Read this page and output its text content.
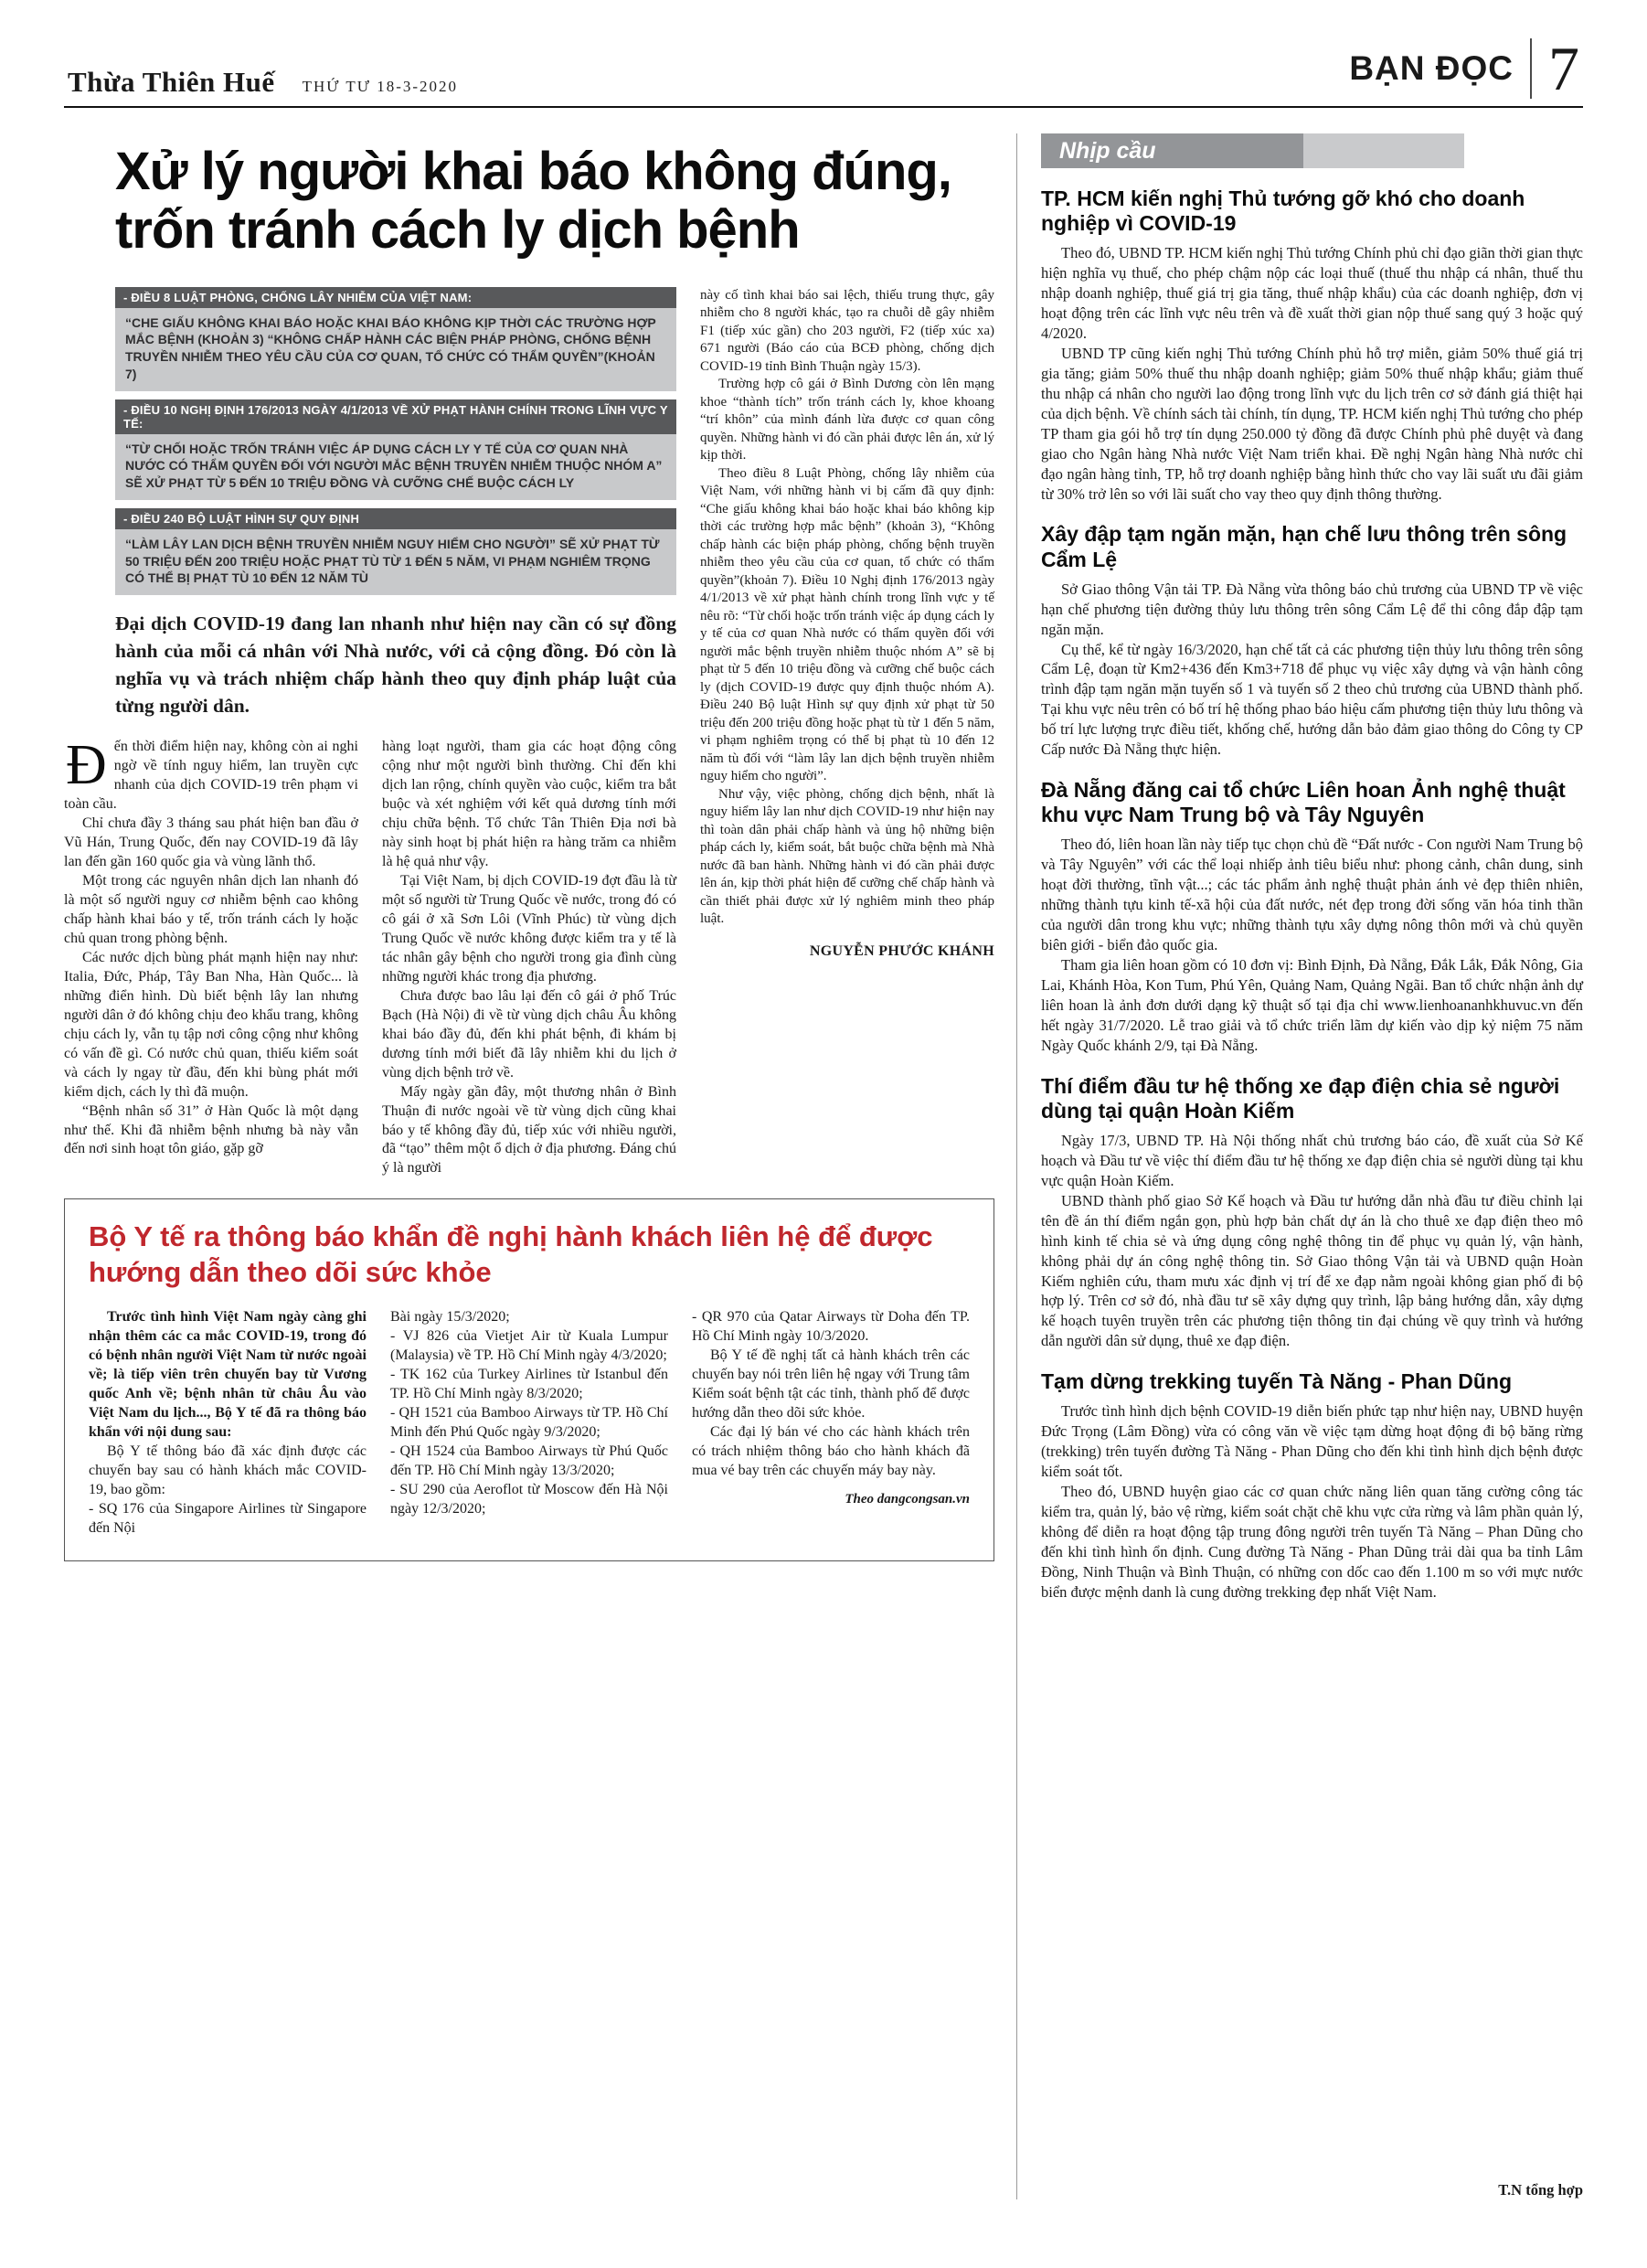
Thừa Thiên Huế THỨ TƯ 18-3-2020	BẠN ĐỌC 7
Xử lý người khai báo không đúng, trốn tránh cách ly dịch bệnh
- ĐIỀU 8 LUẬT PHÒNG, CHỐNG LÂY NHIỄM CỦA VIỆT NAM:
“CHE GIẤU KHÔNG KHAI BÁO HOẶC KHAI BÁO KHÔNG KỊP THỜI CÁC TRƯỜNG HỢP MẮC BỆNH (KHOẢN 3) “KHÔNG CHẤP HÀNH CÁC BIỆN PHÁP PHÒNG, CHỐNG BỆNH TRUYỀN NHIỄM THEO YÊU CẦU CỦA CƠ QUAN, TỔ CHỨC CÓ THẨM QUYỀN”(KHOẢN 7)
- ĐIỀU 10 NGHỊ ĐỊNH 176/2013 NGÀY 4/1/2013 VỀ XỬ PHẠT HÀNH CHÍNH TRONG LĨNH VỰC Y TẾ:
“TỪ CHỐI HOẶC TRỐN TRÁNH VIỆC ÁP DỤNG CÁCH LY Y TẾ CỦA CƠ QUAN NHÀ NƯỚC CÓ THẨM QUYỀN ĐỐI VỚI NGƯỜI MẮC BỆNH TRUYỀN NHIỄM THUỘC NHÓM A” SẼ XỬ PHẠT TỪ 5 ĐẾN 10 TRIỆU ĐỒNG VÀ CƯỠNG CHẾ BUỘC CÁCH LY
- ĐIỀU 240 BỘ LUẬT HÌNH SỰ QUY ĐỊNH
“LÀM LÂY LAN DỊCH BỆNH TRUYỀN NHIỄM NGUY HIỂM CHO NGƯỜI” SẼ XỬ PHẠT TỪ 50 TRIỆU ĐẾN 200 TRIỆU HOẶC PHẠT TÙ TỪ 1 ĐẾN 5 NĂM, VI PHẠM NGHIÊM TRỌNG CÓ THỂ BỊ PHẠT TÙ 10 ĐẾN 12 NĂM TÙ

Đại dịch COVID-19 đang lan nhanh như hiện nay cần có sự đồng hành của mỗi cá nhân với Nhà nước, với cả cộng đồng. Đó còn là nghĩa vụ và trách nhiệm chấp hành theo quy định pháp luật của từng người dân.

Đến thời điểm hiện nay, không còn ai nghi ngờ về tính nguy hiểm, lan truyền cực nhanh của dịch COVID-19 trên phạm vi toàn cầu.

Chỉ chưa đầy 3 tháng sau phát hiện ban đầu ở Vũ Hán, Trung Quốc, đến nay COVID-19 đã lây lan đến gần 160 quốc gia và vùng lãnh thổ.

Một trong các nguyên nhân dịch lan nhanh đó là một số người nguy cơ nhiễm bệnh cao không chấp hành khai báo y tế, trốn tránh cách ly hoặc chủ quan trong phòng bệnh.

Các nước dịch bùng phát mạnh hiện nay như: Italia, Đức, Pháp, Tây Ban Nha, Hàn Quốc... là những điển hình. Dù biết bệnh lây lan nhưng người dân ở đó không chịu đeo khẩu trang, không chịu cách ly, vẫn tụ tập nơi công cộng như không có vấn đề gì. Có nước chủ quan, thiếu kiểm soát và cách ly ngay từ đầu, đến khi bùng phát mới kiểm dịch, cách ly thì đã muộn.

“Bệnh nhân số 31” ở Hàn Quốc là một dạng như thế. Khi đã nhiễm bệnh nhưng bà này vẫn đến nơi sinh hoạt tôn giáo, gặp gỡ

hàng loạt người, tham gia các hoạt động công cộng như một người bình thường. Chỉ đến khi dịch lan rộng, chính quyền vào cuộc, kiểm tra bắt buộc và xét nghiệm với kết quả dương tính mới chịu chữa bệnh. Tổ chức Tân Thiên Địa nơi bà này sinh hoạt bị phát hiện ra hàng trăm ca nhiễm là hệ quả như vậy.

Tại Việt Nam, bị dịch COVID-19 đợt đầu là từ một số người từ Trung Quốc về nước, trong đó có cô gái ở xã Sơn Lôi (Vĩnh Phúc) từ vùng dịch Trung Quốc về nước không được kiểm tra y tế là tác nhân gây bệnh cho người trong gia đình cùng những người khác trong địa phương.

Chưa được bao lâu lại đến cô gái ở phố Trúc Bạch (Hà Nội) đi về từ vùng dịch châu Âu không khai báo đầy đủ, đến khi phát bệnh, đi khám bị dương tính mới biết đã lây nhiễm khi du lịch ở vùng dịch bệnh trở về.

Mấy ngày gần đây, một thương nhân ở Bình Thuận đi nước ngoài về từ vùng dịch cũng khai báo y tế không đầy đủ, tiếp xúc với nhiều người, đã “tạo” thêm một ổ dịch ở địa phương. Đáng chú ý là người

này cố tình khai báo sai lệch, thiếu trung thực, gây nhiễm cho 8 người khác, tạo ra chuỗi dễ gây nhiễm F1 (tiếp xúc gần) cho 203 người, F2 (tiếp xúc xa) 671 người (Báo cáo của BCĐ phòng, chống dịch COVID-19 tỉnh Bình Thuận ngày 15/3).

Trường hợp cô gái ở Bình Dương còn lên mạng khoe “thành tích” trốn tránh cách ly, khoe khoang “trí khôn” của mình đánh lừa được cơ quan công quyền. Những hành vi đó cần phải được lên án, xử lý kịp thời.

Theo điều 8 Luật Phòng, chống lây nhiễm của Việt Nam, với những hành vi bị cấm đã quy định: “Che giấu không khai báo hoặc khai báo không kịp thời các trường hợp mắc bệnh” (khoản 3), “Không chấp hành các biện pháp phòng, chống bệnh truyền nhiễm theo yêu cầu của cơ quan, tổ chức có thẩm quyền”(khoản 7). Điều 10 Nghị định 176/2013 ngày 4/1/2013 về xử phạt hành chính trong lĩnh vực y tế nêu rõ: “Từ chối hoặc trốn tránh việc áp dụng cách ly y tế của cơ quan Nhà nước có thẩm quyền đối với người mắc bệnh truyền nhiễm thuộc nhóm A” sẽ bị phạt từ 5 đến 10 triệu đồng và cưỡng chế buộc cách ly (dịch COVID-19 được quy định thuộc nhóm A). Điều 240 Bộ luật Hình sự quy định xử phạt từ 50 triệu đến 200 triệu đồng hoặc phạt tù từ 1 đến 5 năm, vi phạm nghiêm trọng có thể bị phạt tù 10 đến 12 năm tù đối với “làm lây lan dịch bệnh truyền nhiễm nguy hiểm cho người”.

Như vậy, việc phòng, chống dịch bệnh, nhất là nguy hiểm lây lan như dịch COVID-19 như hiện nay thì toàn dân phải chấp hành và ủng hộ những biện pháp cách ly, kiểm soát, bắt buộc chữa bệnh mà Nhà nước đã ban hành. Những hành vi đó cần phải được lên án, kịp thời phát hiện để cưỡng chế chấp hành và cần thiết phải được xử lý nghiêm minh theo pháp luật.

NGUYỄN PHƯỚC KHÁNH
Bộ Y tế ra thông báo khẩn đề nghị hành khách liên hệ để được hướng dẫn theo dõi sức khỏe

Trước tình hình Việt Nam ngày càng ghi nhận thêm các ca mắc COVID-19, trong đó có bệnh nhân người Việt Nam từ nước ngoài về; là tiếp viên trên chuyến bay từ Vương quốc Anh về; bệnh nhân từ châu Âu vào Việt Nam du lịch..., Bộ Y tế đã ra thông báo khẩn với nội dung sau:

Bộ Y tế thông báo đã xác định được các chuyến bay sau có hành khách mắc COVID-19, bao gồm:

- SQ 176 của Singapore Airlines từ Singapore đến Nội

Bài ngày 15/3/2020;

- VJ 826 của Vietjet Air từ Kuala Lumpur (Malaysia) về TP. Hồ Chí Minh ngày 4/3/2020;

- TK 162 của Turkey Airlines từ Istanbul đến TP. Hồ Chí Minh ngày 8/3/2020;

- QH 1521 của Bamboo Airways từ TP. Hồ Chí Minh đến Phú Quốc ngày 9/3/2020;

- QH 1524 của Bamboo Airways từ Phú Quốc đến TP. Hồ Chí Minh ngày 13/3/2020;

- SU 290 của Aeroflot từ Moscow đến Hà Nội ngày 12/3/2020;

- QR 970 của Qatar Airways từ Doha đến TP. Hồ Chí Minh ngày 10/3/2020.

Bộ Y tế đề nghị tất cả hành khách trên các chuyến bay nói trên liên hệ ngay với Trung tâm Kiểm soát bệnh tật các tỉnh, thành phố để được hướng dẫn theo dõi sức khỏe.

Các đại lý bán vé cho các hành khách trên có trách nhiệm thông báo cho hành khách đã mua vé bay trên các chuyến máy bay này.

Theo dangcongsan.vn
Nhịp cầu
TP. HCM kiến nghị Thủ tướng gỡ khó cho doanh nghiệp vì COVID-19

Theo đó, UBND TP. HCM kiến nghị Thủ tướng Chính phủ chỉ đạo giãn thời gian thực hiện nghĩa vụ thuế, cho phép chậm nộp các loại thuế (thuế thu nhập cá nhân, thuế thu nhập doanh nghiệp, thuế giá trị gia tăng, thuế nhập khẩu) của các doanh nghiệp, đơn vị hoạt động trên các lĩnh vực nêu trên và đề xuất thời gian nộp thuế sang quý 3 hoặc quý 4/2020.

UBND TP cũng kiến nghị Thủ tướng Chính phủ hỗ trợ miễn, giảm 50% thuế giá trị gia tăng; giảm 50% thuế thu nhập doanh nghiệp; giảm 50% thuế nhập khẩu; giảm thuế thu nhập cá nhân cho người lao động trong lĩnh vực du lịch trên cơ sở đánh giá thiệt hại của dịch bệnh. Về chính sách tài chính, tín dụng, TP. HCM kiến nghị Thủ tướng cho phép TP tham gia gói hỗ trợ tín dụng 250.000 tỷ đồng đã được Chính phủ phê duyệt và đang giao cho Ngân hàng Nhà nước Việt Nam triển khai. Đề nghị Ngân hàng Nhà nước chỉ đạo ngân hàng tỉnh, TP, hỗ trợ doanh nghiệp bằng hình thức cho vay lãi suất ưu đãi giảm từ 30% trở lên so với lãi suất cho vay theo quy định thông thường.

Xây đập tạm ngăn mặn, hạn chế lưu thông trên sông Cẩm Lệ

Sở Giao thông Vận tải TP. Đà Nẵng vừa thông báo chủ trương của UBND TP về việc hạn chế phương tiện đường thủy lưu thông trên sông Cẩm Lệ để thi công đắp đập tạm ngăn mặn.

Cụ thể, kể từ ngày 16/3/2020, hạn chế tất cả các phương tiện thủy lưu thông trên sông Cẩm Lệ, đoạn từ Km2+436 đến Km3+718 để phục vụ việc xây dựng và vận hành công trình đập tạm ngăn mặn tuyến số 1 và tuyến số 2 theo chủ trương của UBND thành phố. Tại khu vực nêu trên có bố trí hệ thống phao báo hiệu cấm phương tiện thủy lưu thông và bố trí lực lượng trực điều tiết, khống chế, hướng dẫn bảo đảm giao thông do Công ty CP Cấp nước Đà Nẵng thực hiện.

Đà Nẵng đăng cai tổ chức Liên hoan Ảnh nghệ thuật khu vực Nam Trung bộ và Tây Nguyên

Theo đó, liên hoan lần này tiếp tục chọn chủ đề “Đất nước - Con người Nam Trung bộ và Tây Nguyên” với các thể loại nhiếp ảnh tiêu biểu như: phong cảnh, chân dung, sinh hoạt đời thường, tĩnh vật...; các tác phẩm ảnh nghệ thuật phản ánh vẻ đẹp thiên nhiên, những thành tựu kinh tế-xã hội của đất nước, nét đẹp trong đời sống văn hóa tinh thần của người dân trong khu vực; những thành tựu xây dựng nông thôn mới và chủ quyền biên giới - biển đảo quốc gia.

Tham gia liên hoan gồm có 10 đơn vị: Bình Định, Đà Nẵng, Đắk Lắk, Đắk Nông, Gia Lai, Khánh Hòa, Kon Tum, Phú Yên, Quảng Nam, Quảng Ngãi. Ban tổ chức nhận ảnh dự liên hoan là ảnh đơn dưới dạng kỹ thuật số tại địa chỉ www.lienhoananhkhuvuc.vn đến hết ngày 31/7/2020. Lễ trao giải và tổ chức triển lãm dự kiến vào dịp kỷ niệm 75 năm Ngày Quốc khánh 2/9, tại Đà Nẵng.

Thí điểm đầu tư hệ thống xe đạp điện chia sẻ người dùng tại quận Hoàn Kiếm

Ngày 17/3, UBND TP. Hà Nội thống nhất chủ trương báo cáo, đề xuất của Sở Kế hoạch và Đầu tư về việc thí điểm đầu tư hệ thống xe đạp điện chia sẻ người dùng tại khu vực quận Hoàn Kiếm.

UBND thành phố giao Sở Kế hoạch và Đầu tư hướng dẫn nhà đầu tư điều chỉnh lại tên đề án thí điểm ngắn gọn, phù hợp bản chất dự án là cho thuê xe đạp điện theo mô hình kinh tế chia sẻ và ứng dụng công nghệ thông tin để phục vụ quản lý, vận hành, không phải dự án công nghệ thông tin. Sở Giao thông Vận tải và UBND quận Hoàn Kiếm nghiên cứu, tham mưu xác định vị trí để xe đạp nằm ngoài không gian phố đi bộ hợp lý. Trên cơ sở đó, nhà đầu tư sẽ xây dựng quy trình, lập bảng hướng dẫn, xây dựng kế hoạch tuyên truyền trên các phương tiện thông tin đại chúng về quy trình và hướng dẫn người dân sử dụng, thuê xe đạp điện.

Tạm dừng trekking tuyến Tà Năng - Phan Dũng

Trước tình hình dịch bệnh COVID-19 diễn biến phức tạp như hiện nay, UBND huyện Đức Trọng (Lâm Đồng) vừa có công văn về việc tạm dừng hoạt động đi bộ băng rừng (trekking) trên tuyến đường Tà Năng - Phan Dũng cho đến khi tình hình dịch bệnh được kiểm soát tốt.

Theo đó, UBND huyện giao các cơ quan chức năng liên quan tăng cường công tác kiểm tra, quản lý, bảo vệ rừng, kiểm soát chặt chẽ khu vực cửa rừng và lâm phần quản lý, không để diễn ra hoạt động tập trung đông người trên tuyến Tà Năng – Phan Dũng cho đến khi tình hình ổn định. Cung đường Tà Năng - Phan Dũng trải dài qua ba tỉnh Lâm Đồng, Ninh Thuận và Bình Thuận, có những con dốc cao đến 1.100 m so với mực nước biển được mệnh danh là cung đường trekking đẹp nhất Việt Nam.

T.N tổng hợp
